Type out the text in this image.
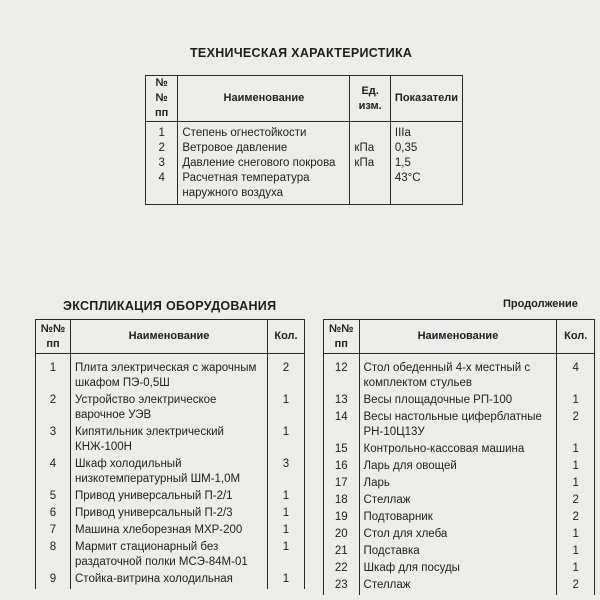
ТЕХНИЧЕСКАЯ ХАРАКТЕРИСТИКА
№№ пп	Наименование	Ед. изм.	Показатели
1	Степень огнестойкости		IIIa
2	Ветровое давление	кПа	0,35
3	Давление снегового покрова	кПа	1,5
4	Расчетная температура наружного воздуха		43°C
ЭКСПЛИКАЦИЯ ОБОРУДОВАНИЯ	Продолжение
№№ пп	Наименование	Кол.
1	Плита электрическая с жарочным шкафом ПЭ-0,5Ш	2
2	Устройство электрическое варочное УЭВ	1
3	Кипятильник электрический КНЖ-100Н	1
4	Шкаф холодильный низкотемпературный ШМ-1,0М	3
5	Привод универсальный П-2/1	1
6	Привод универсальный П-2/3	1
7	Машина хлеборезная МХР-200	1
8	Мармит стационарный без раздаточной полки МСЭ-84М-01	1
9	Стойка-витрина холодильная	1
№№ пп	Наименование	Кол.
12	Стол обеденный 4-х местный с комплектом стульев	4
13	Весы площадочные РП-100	1
14	Весы настольные циферблатные РН-10Ц13У	2
15	Контрольно-кассовая машина	1
16	Ларь для овощей	1
17	Ларь	1
18	Стеллаж	2
19	Подтоварник	2
20	Стол для хлеба	1
21	Подставка	1
22	Шкаф для посуды	1
23	Стеллаж	2
